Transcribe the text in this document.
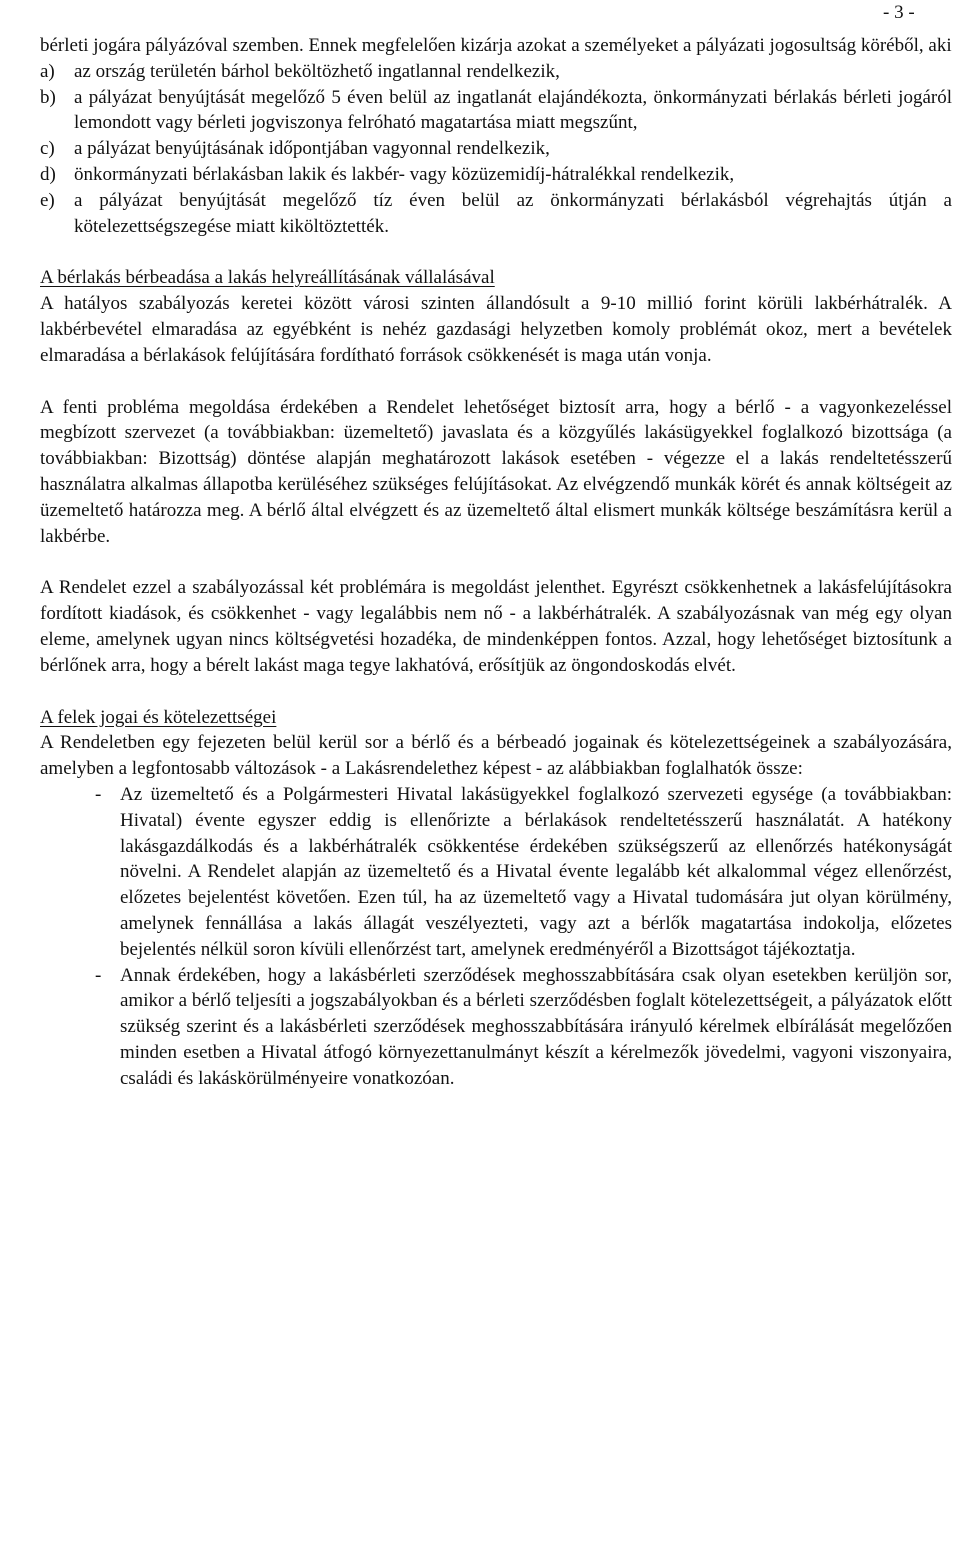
- 3 -

bérleti jogára pályázóval szemben. Ennek megfelelően kizárja azokat a személyeket a pályázati jogosultság köréből, aki

a) az ország területén bárhol beköltözhető ingatlannal rendelkezik,
b) a pályázat benyújtását megelőző 5 éven belül az ingatlanát elajándékozta, önkormányzati bérlakás bérleti jogáról lemondott vagy bérleti jogviszonya felróható magatartása miatt megszűnt,
c) a pályázat benyújtásának időpontjában vagyonnal rendelkezik,
d) önkormányzati bérlakásban lakik és lakbér- vagy közüzemidíj-hátralékkal rendelkezik,
e) a pályázat benyújtását megelőző tíz éven belül az önkormányzati bérlakásból végrehajtás útján a kötelezettségszegése miatt kiköltöztették.

A bérlakás bérbeadása a lakás helyreállításának vállalásával

A hatályos szabályozás keretei között városi szinten állandósult a 9-10 millió forint körüli lakbérhátralék. A lakbérbevétel elmaradása az egyébként is nehéz gazdasági helyzetben komoly problémát okoz, mert a bevételek elmaradása a bérlakások felújítására fordítható források csökkenését is maga után vonja.

A fenti probléma megoldása érdekében a Rendelet lehetőséget biztosít arra, hogy a bérlő - a vagyonkezeléssel megbízott szervezet (a továbbiakban: üzemeltető) javaslata és a közgyűlés lakásügyekkel foglalkozó bizottsága (a továbbiakban: Bizottság) döntése alapján meghatározott lakások esetében - végezze el a lakás rendeltetésszerű használatra alkalmas állapotba kerüléséhez szükséges felújításokat. Az elvégzendő munkák körét és annak költségeit az üzemeltető határozza meg. A bérlő által elvégzett és az üzemeltető által elismert munkák költsége beszámításra kerül a lakbérbe.

A Rendelet ezzel a szabályozással két problémára is megoldást jelenthet. Egyrészt csökkenhetnek a lakásfelújításokra fordított kiadások, és csökkenhet - vagy legalábbis nem nő - a lakbérhátralék. A szabályozásnak van még egy olyan eleme, amelynek ugyan nincs költségvetési hozadéka, de mindenképpen fontos. Azzal, hogy lehetőséget biztosítunk a bérlőnek arra, hogy a bérelt lakást maga tegye lakhatóvá, erősítjük az öngondoskodás elvét.

A felek jogai és kötelezettségei

A Rendeletben egy fejezeten belül kerül sor a bérlő és a bérbeadó jogainak és kötelezettségeinek a szabályozására, amelyben a legfontosabb változások - a Lakásrendelethez képest - az alábbiakban foglalhatók össze:

- Az üzemeltető és a Polgármesteri Hivatal lakásügyekkel foglalkozó szervezeti egysége (a továbbiakban: Hivatal) évente egyszer eddig is ellenőrizte a bérlakások rendeltetésszerű használatát. A hatékony lakásgazdálkodás és a lakbérhátralék csökkentése érdekében szükségszerű az ellenőrzés hatékonyságát növelni. A Rendelet alapján az üzemeltető és a Hivatal évente legalább két alkalommal végez ellenőrzést, előzetes bejelentést követően. Ezen túl, ha az üzemeltető vagy a Hivatal tudomására jut olyan körülmény, amelynek fennállása a lakás állagát veszélyezteti, vagy azt a bérlők magatartása indokolja, előzetes bejelentés nélkül soron kívüli ellenőrzést tart, amelynek eredményéről a Bizottságot tájékoztatja.
- Annak érdekében, hogy a lakásbérleti szerződések meghosszabbítására csak olyan esetekben kerüljön sor, amikor a bérlő teljesíti a jogszabályokban és a bérleti szerződésben foglalt kötelezettségeit, a pályázatok előtt szükség szerint és a lakásbérleti szerződések meghosszabbítására irányuló kérelmek elbírálását megelőzően minden esetben a Hivatal átfogó környezettanulmányt készít a kérelmezők jövedelmi, vagyoni viszonyaira, családi és lakáskörülményeire vonatkozóan.
